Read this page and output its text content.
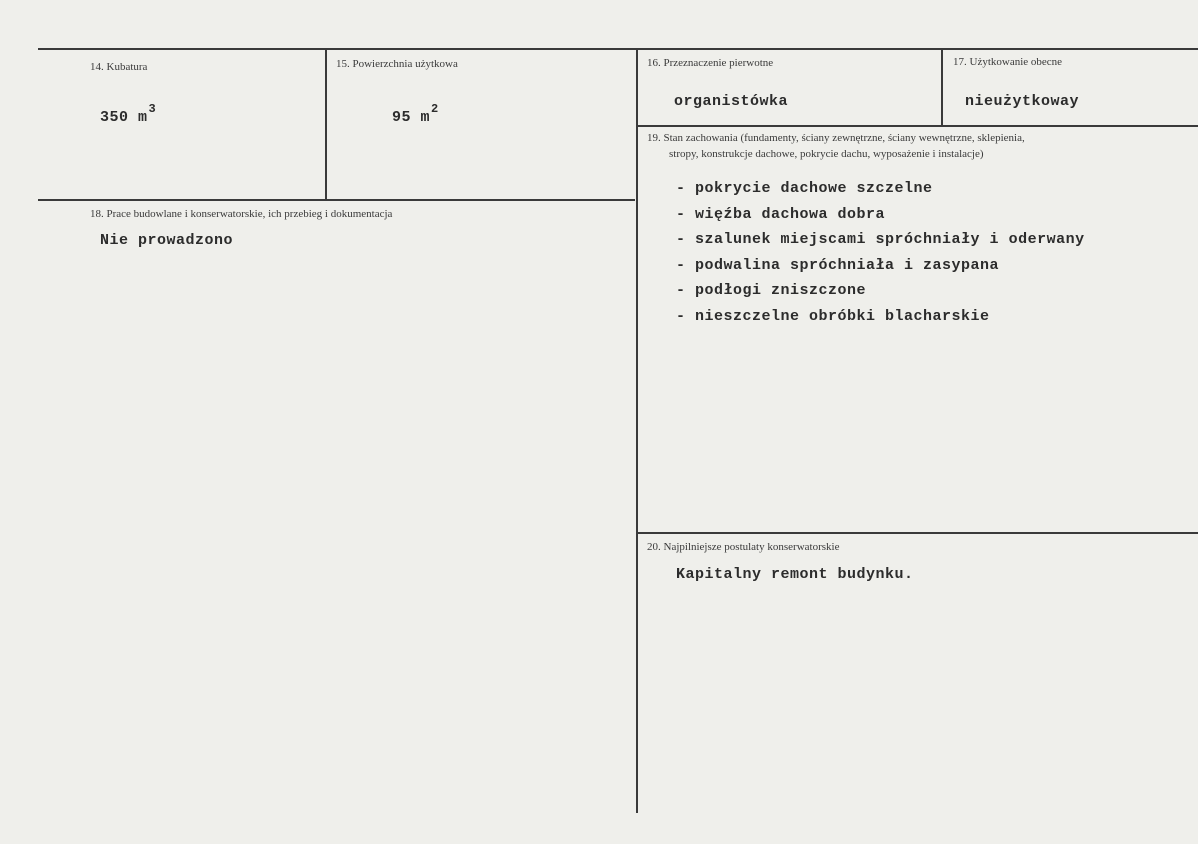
14. Kubatura
350 $m^3$
15. Powierzchnia użytkowa
95 $m^2$
16. Przeznaczenie pierwotne
organistówka
17. Użytkowanie obecne
nieużytkoway
18. Prace budowlane i konserwatorskie, ich przebieg i dokumentacja
Nie prowadzono
19. Stan zachowania (fundamenty, ściany zewnętrzne, ściany wewnętrzne, sklepienia,
stropy, konstrukcje dachowe, pokrycie dachu, wyposażenie i instalacje)
- pokrycie dachowe szczelne
- więźba dachowa dobra
- szalunek miejscami spróchniały i oderwany
- podwalina spróchniała i zasypana
- podłogi zniszczone
- nieszczelne obróbki blacharskie
20. Najpilniejsze postulaty konserwatorskie
Kapitalny remont budynku.
